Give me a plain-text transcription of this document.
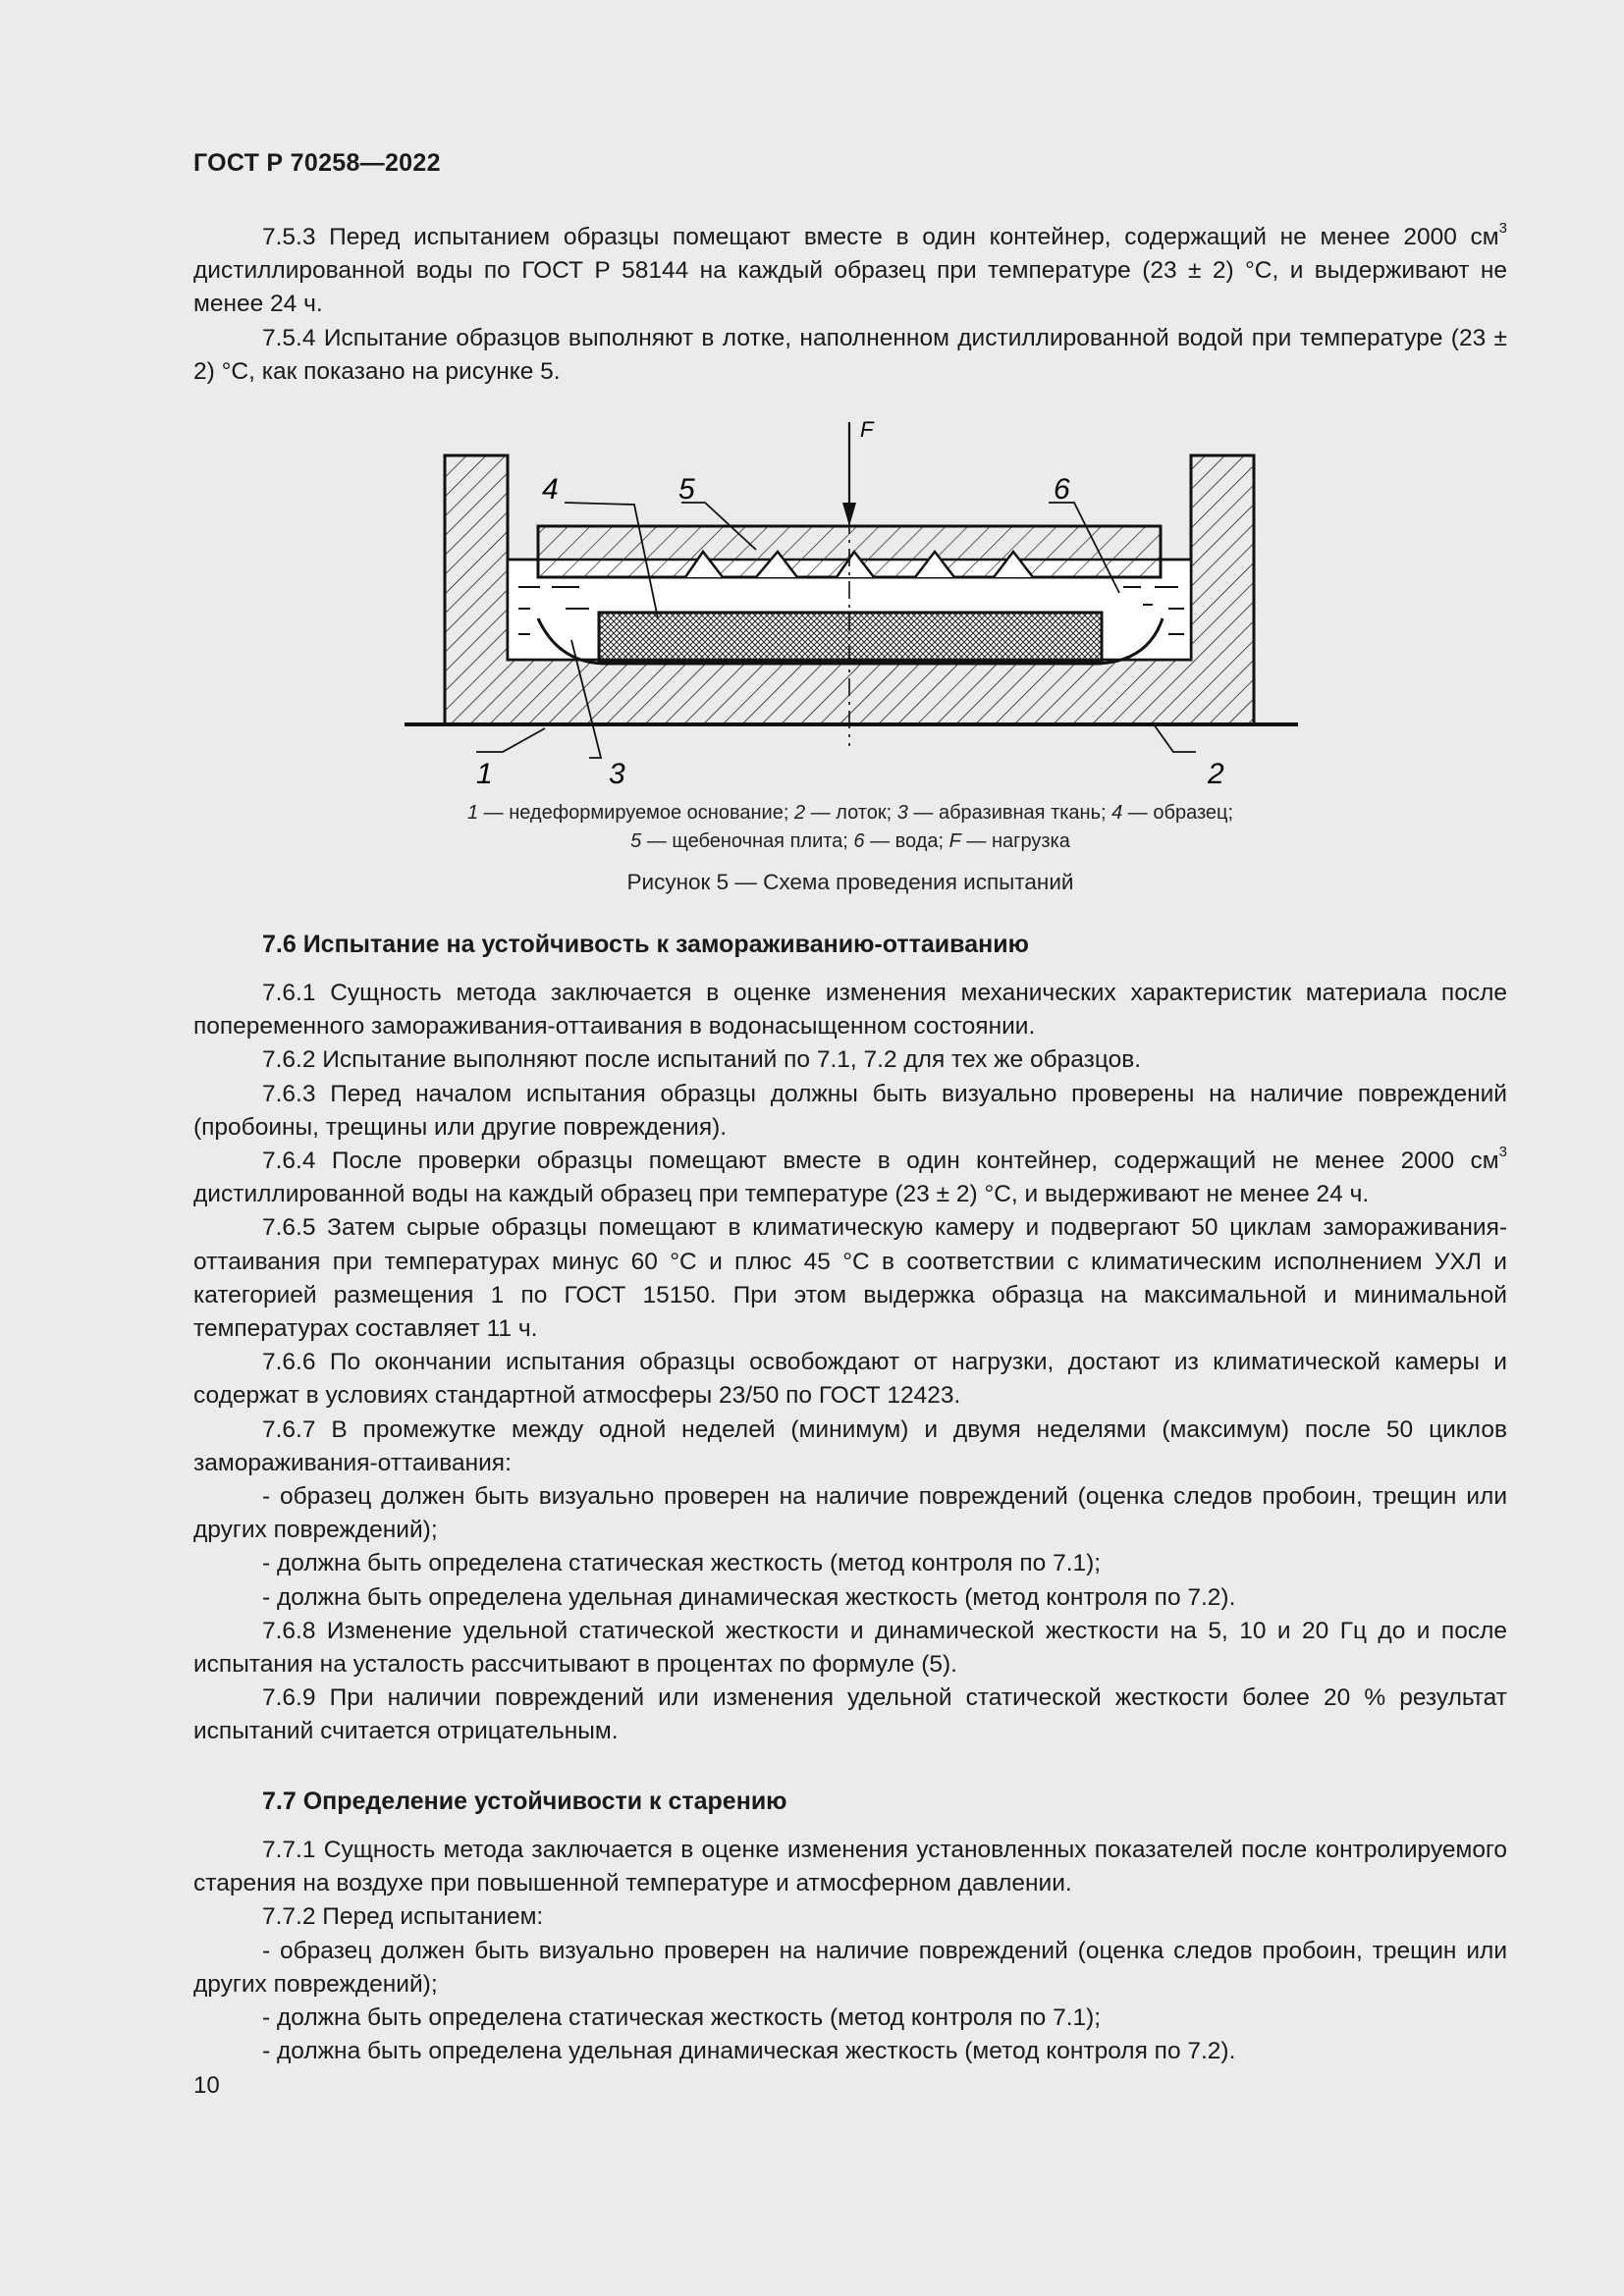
ГОСТ Р 70258—2022

7.5.3 Перед испытанием образцы помещают вместе в один контейнер, содержащий не менее 2000 $см^3$ дистиллированной воды по ГОСТ Р 58144 на каждый образец при температуре (23 ± 2) °С, и выдерживают не менее 24 ч.

7.5.4 Испытание образцов выполняют в лотке, наполненном дистиллированной водой при температуре (23 ± 2) °С, как показано на рисунке 5.

F
4	5	6
1	3	2
1 — недеформируемое основание; 2 — лоток; 3 — абразивная ткань; 4 — образец;
5 — щебеночная плита; 6 — вода; F — нагрузка
Рисунок 5 — Схема проведения испытаний
7.6 Испытание на устойчивость к замораживанию-оттаиванию

7.6.1 Сущность метода заключается в оценке изменения механических характеристик материала после попеременного замораживания-оттаивания в водонасыщенном состоянии.

7.6.2 Испытание выполняют после испытаний по 7.1, 7.2 для тех же образцов.

7.6.3 Перед началом испытания образцы должны быть визуально проверены на наличие повреждений (пробоины, трещины или другие повреждения).

7.6.4 После проверки образцы помещают вместе в один контейнер, содержащий не менее 2000 $см^3$ дистиллированной воды на каждый образец при температуре (23 ± 2) °С, и выдерживают не менее 24 ч.

7.6.5 Затем сырые образцы помещают в климатическую камеру и подвергают 50 циклам замораживания-оттаивания при температурах минус 60 °С и плюс 45 °С в соответствии с климатическим исполнением УХЛ и категорией размещения 1 по ГОСТ 15150. При этом выдержка образца на максимальной и минимальной температурах составляет 11 ч.

7.6.6 По окончании испытания образцы освобождают от нагрузки, достают из климатической камеры и содержат в условиях стандартной атмосферы 23/50 по ГОСТ 12423.

7.6.7 В промежутке между одной неделей (минимум) и двумя неделями (максимум) после 50 циклов замораживания-оттаивания:

- образец должен быть визуально проверен на наличие повреждений (оценка следов пробоин, трещин или других повреждений);

- должна быть определена статическая жесткость (метод контроля по 7.1);

- должна быть определена удельная динамическая жесткость (метод контроля по 7.2).

7.6.8 Изменение удельной статической жесткости и динамической жесткости на 5, 10 и 20 Гц до и после испытания на усталость рассчитывают в процентах по формуле (5).

7.6.9 При наличии повреждений или изменения удельной статической жесткости более 20 % результат испытаний считается отрицательным.

7.7 Определение устойчивости к старению

7.7.1 Сущность метода заключается в оценке изменения установленных показателей после контролируемого старения на воздухе при повышенной температуре и атмосферном давлении.

7.7.2 Перед испытанием:

- образец должен быть визуально проверен на наличие повреждений (оценка следов пробоин, трещин или других повреждений);

- должна быть определена статическая жесткость (метод контроля по 7.1);

- должна быть определена удельная динамическая жесткость (метод контроля по 7.2).

10
